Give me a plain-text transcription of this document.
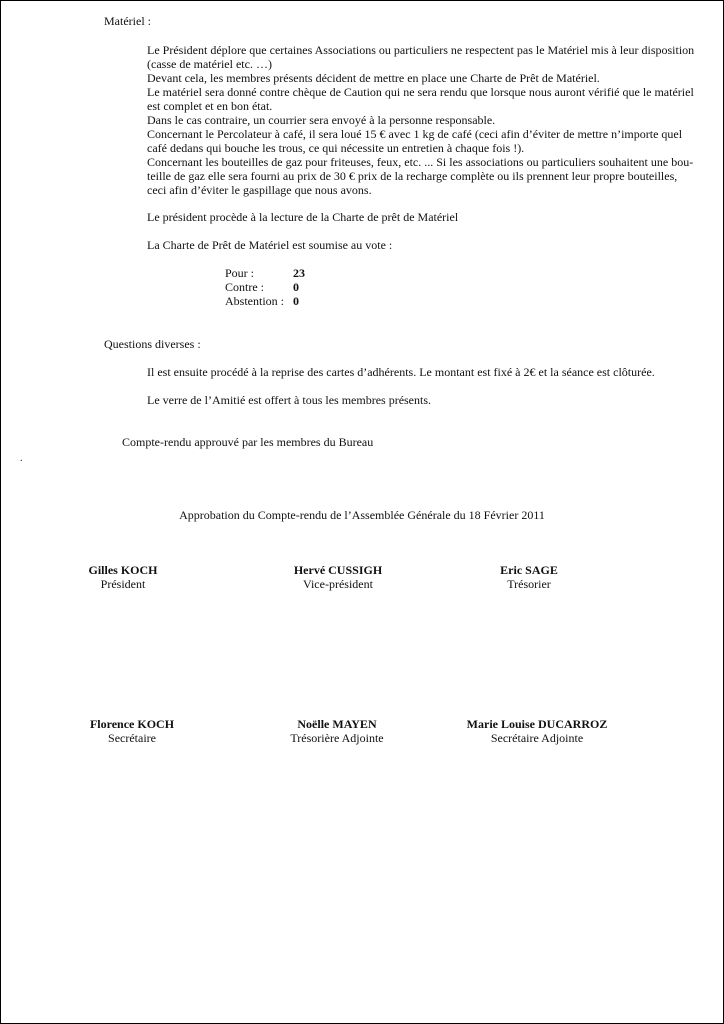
Matériel :

Le Président déplore que certaines Associations ou particuliers ne respectent pas le Matériel mis à leur disposition

(casse de matériel etc. …)

Devant cela, les membres présents décident de mettre en place une Charte de Prêt de Matériel.

Le matériel sera donné contre chèque de Caution qui ne sera rendu que lorsque nous auront vérifié que le matériel

est complet et en bon état.

Dans le cas contraire, un courrier sera envoyé à la personne responsable.

Concernant le Percolateur à café, il sera loué 15 € avec 1 kg de café (ceci afin d’éviter de mettre n’importe quel

café dedans qui bouche les trous, ce qui nécessite un entretien à chaque fois !).

Concernant les bouteilles de gaz pour friteuses, feux, etc. ... Si les associations ou particuliers souhaitent une bou-

teille de gaz elle sera fourni au prix de 30 € prix de la recharge complète ou ils prennent leur propre bouteilles,

ceci afin d’éviter le gaspillage que nous avons.

Le président procède à la lecture de la Charte de prêt de Matériel
La Charte de Prêt de Matériel est soumise au vote :
Pour :	23
Contre : 0
Abstention : 0
Questions diverses :
Il est ensuite procédé à la reprise des cartes d’adhérents. Le montant est fixé à 2€ et la séance est clôturée.
Le verre de l’Amitié est offert à tous les membres présents.
Compte-rendu approuvé par les membres du Bureau
.
Approbation du Compte-rendu de l’Assemblée Générale du 18 Février 2011
Gilles KOCH
Président
Hervé CUSSIGH
Vice-président
Eric SAGE
Trésorier
Florence KOCH
Secrétaire
Noëlle MAYEN
Trésorière Adjointe
Marie Louise DUCARROZ
Secrétaire Adjointe
